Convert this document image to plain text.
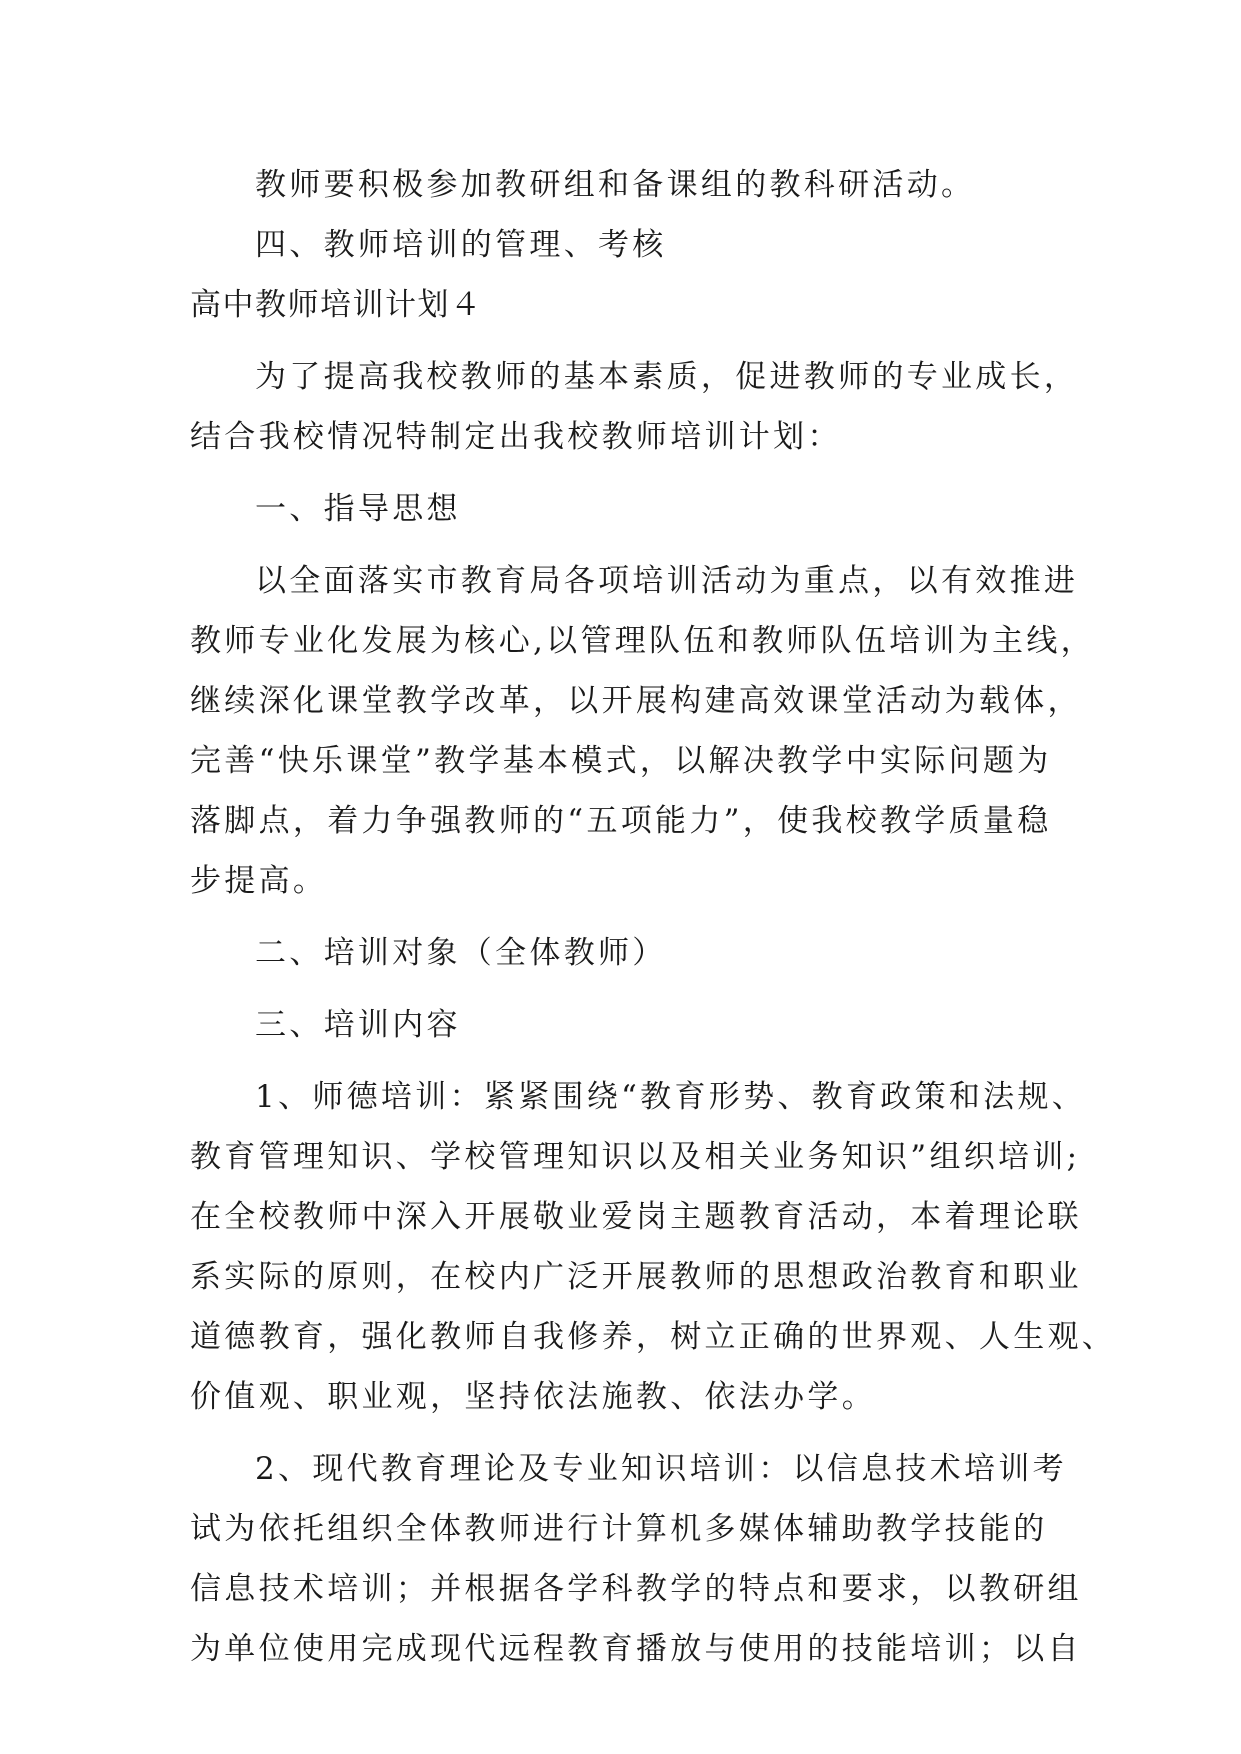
教师要积极参加教研组和备课组的教科研活动。
四、教师培训的管理、考核
高中教师培训计划４
为了提高我校教师的基本素质，促进教师的专业成长，
结合我校情况特制定出我校教师培训计划：
一、指导思想
以全面落实市教育局各项培训活动为重点，以有效推进
教师专业化发展为核心,以管理队伍和教师队伍培训为主线，
继续深化课堂教学改革，以开展构建高效课堂活动为载体，
完善“快乐课堂”教学基本模式，以解决教学中实际问题为
落脚点，着力争强教师的“五项能力”，使我校教学质量稳
步提高。
二、培训对象（全体教师）
三、培训内容
1、师德培训：紧紧围绕“教育形势、教育政策和法规、
教育管理知识、学校管理知识以及相关业务知识”组织培训;
在全校教师中深入开展敬业爱岗主题教育活动，本着理论联
系实际的原则，在校内广泛开展教师的思想政治教育和职业
道德教育，强化教师自我修养，树立正确的世界观、人生观、
价值观、职业观，坚持依法施教、依法办学。
2、现代教育理论及专业知识培训：以信息技术培训考
试为依托组织全体教师进行计算机多媒体辅助教学技能的
信息技术培训；并根据各学科教学的特点和要求，以教研组
为单位使用完成现代远程教育播放与使用的技能培训；以自
